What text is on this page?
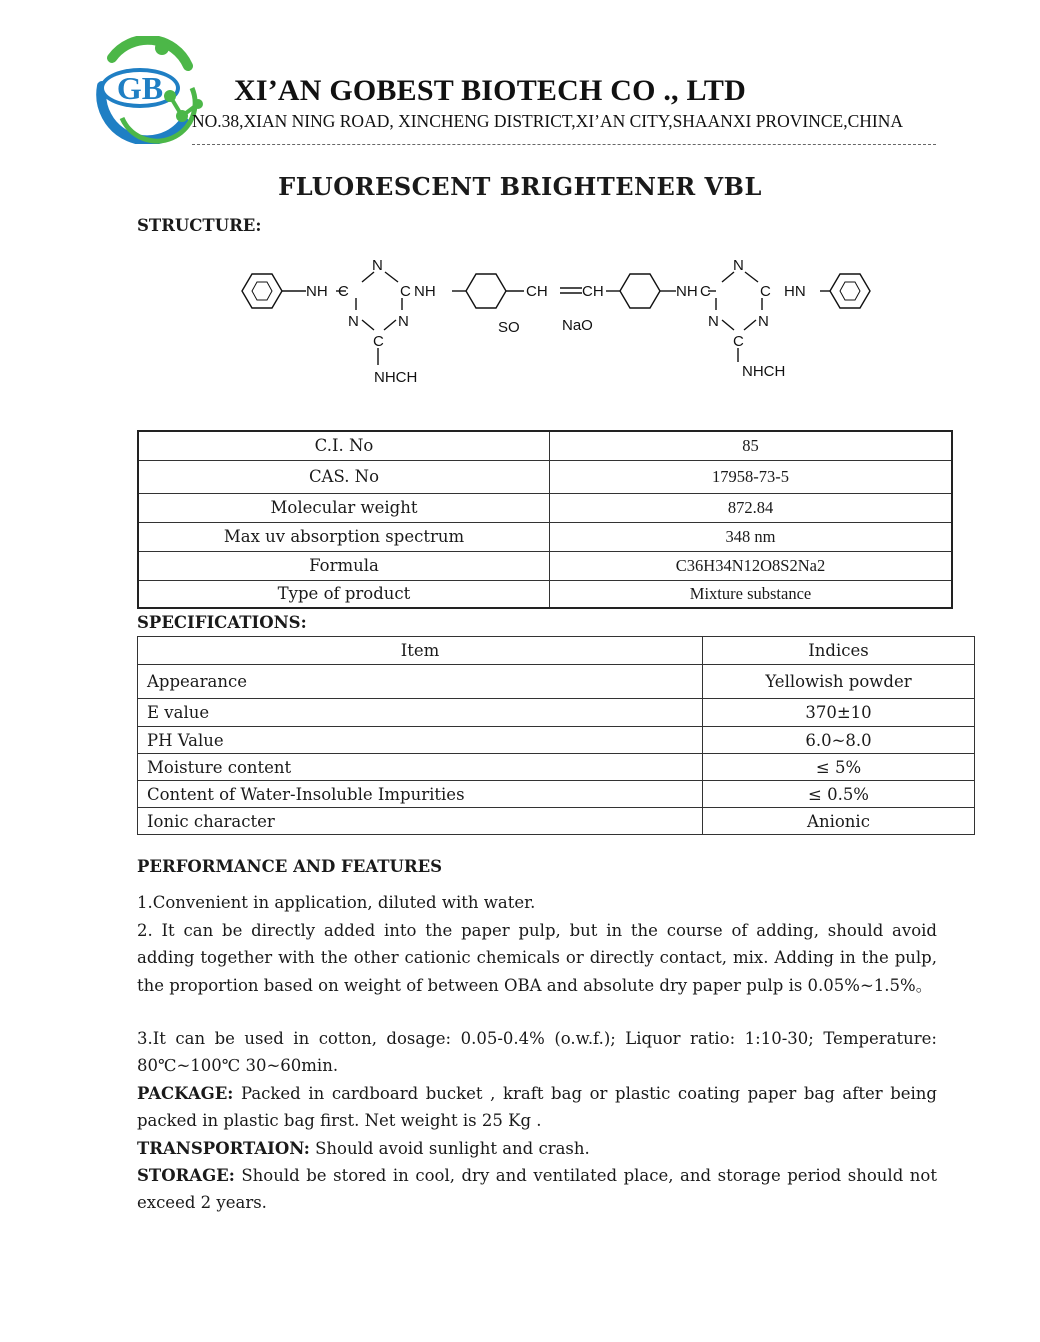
GB XI’AN GOBEST BIOTECH CO ., LTD
NO.38,XIAN NING ROAD, XINCHENG DISTRICT,XI’AN CITY,SHAANXI PROVINCE,CHINA
FLUORESCENT BRIGHTENER VBL
STRUCTURE:
NH
N
C	C NH
N	N
C
CH CH
SO	NaO
NH C
N
C HN
N	N
C
NHCH	NHCH
C.I. No	85
CAS. No	17958-73-5
Molecular weight	872.84
Max uv absorption spectrum	348 nm
Formula	C36H34N12O8S2Na2
Type of product	Mixture substance
SPECIFICATIONS:
Item	Indices
Appearance	Yellowish powder
E value	370±10
PH Value	6.0~8.0
Moisture content	≤ 5%
Content of Water-Insoluble Impurities	≤ 0.5%
Ionic character	Anionic
PERFORMANCE AND FEATURES
1.Convenient in application, diluted with water.
2. It can be directly added into the paper pulp, but in the course of adding, should avoid adding together with the other cationic chemicals or directly contact, mix. Adding in the pulp, the proportion based on weight of between OBA and absolute dry paper pulp is 0.05%~1.5%。
3.It can be used in cotton, dosage: 0.05-0.4% (o.w.f.); Liquor ratio: 1:10-30; Temperature: 80℃~100℃ 30~60min.
PACKAGE: Packed in cardboard bucket , kraft bag or plastic coating paper bag after being packed in plastic bag first. Net weight is 25 Kg .
TRANSPORTAION: Should avoid sunlight and crash.
STORAGE: Should be stored in cool, dry and ventilated place, and storage period should not exceed 2 years.
